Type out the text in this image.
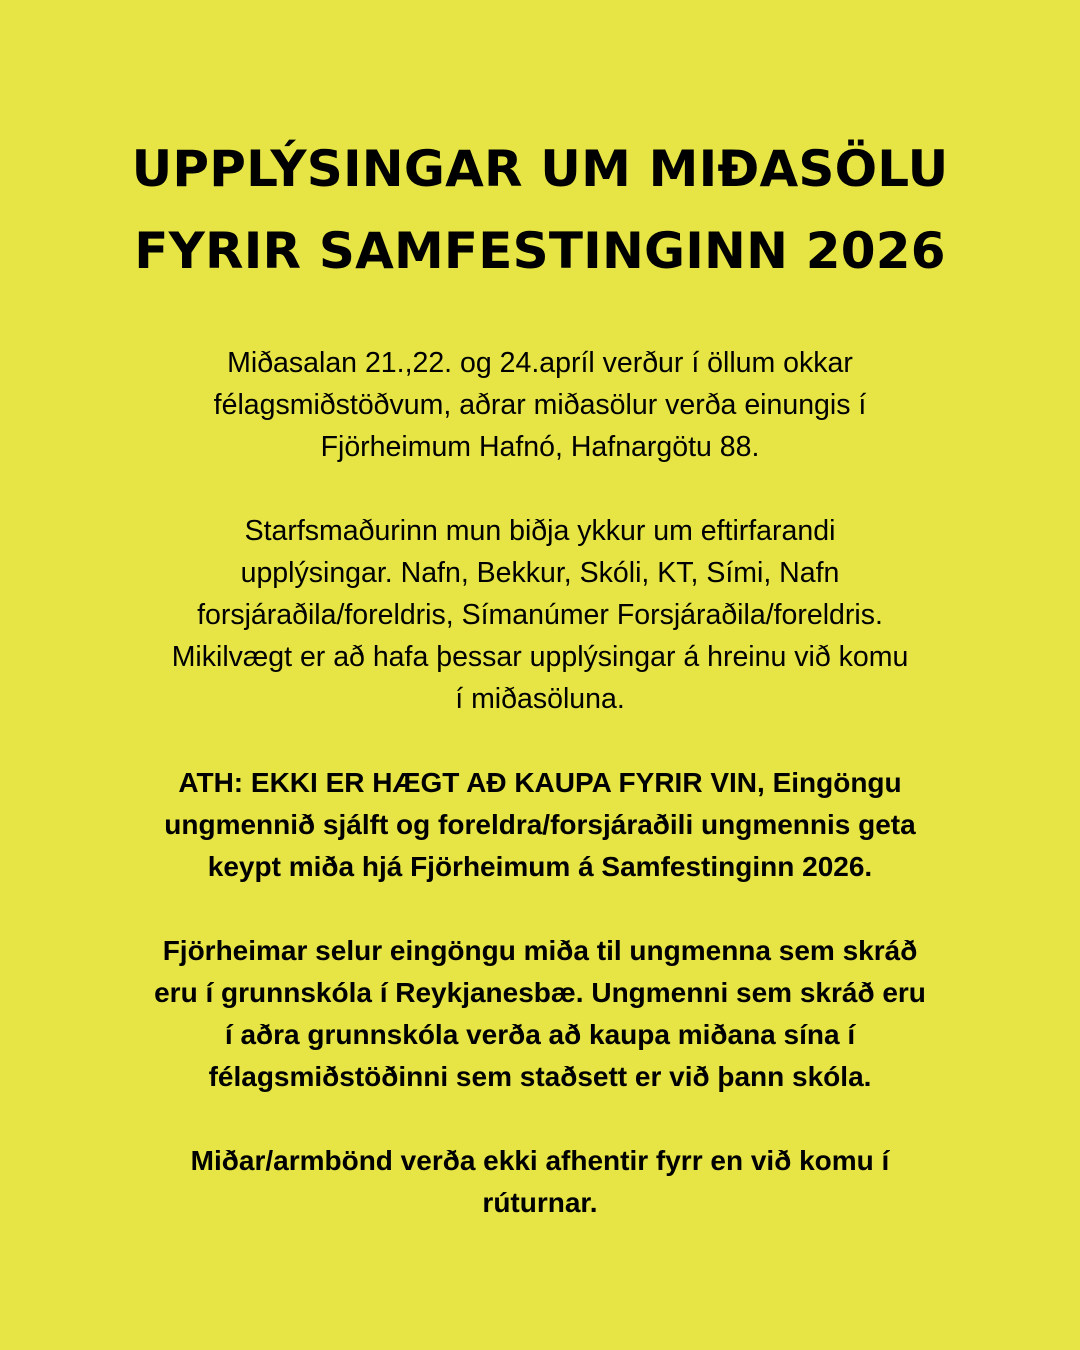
UPPLÝSINGAR UM MIÐASÖLU
FYRIR SAMFESTINGINN 2026
Miðasalan 21.,22. og 24.apríl verður í öllum okkar
félagsmiðstöðvum, aðrar miðasölur verða einungis í
Fjörheimum Hafnó, Hafnargötu 88.
Starfsmaðurinn mun biðja ykkur um eftirfarandi
upplýsingar. Nafn, Bekkur, Skóli, KT, Sími, Nafn
forsjáraðila/foreldris, Símanúmer Forsjáraðila/foreldris.
Mikilvægt er að hafa þessar upplýsingar á hreinu við komu
í miðasöluna.
ATH: EKKI ER HÆGT AÐ KAUPA FYRIR VIN, Eingöngu
ungmennið sjálft og foreldra/forsjáraðili ungmennis geta
keypt miða hjá Fjörheimum á Samfestinginn 2026.
Fjörheimar selur eingöngu miða til ungmenna sem skráð
eru í grunnskóla í Reykjanesbæ. Ungmenni sem skráð eru
í aðra grunnskóla verða að kaupa miðana sína í
félagsmiðstöðinni sem staðsett er við þann skóla.
Miðar/armbönd verða ekki afhentir fyrr en við komu í
rúturnar.
